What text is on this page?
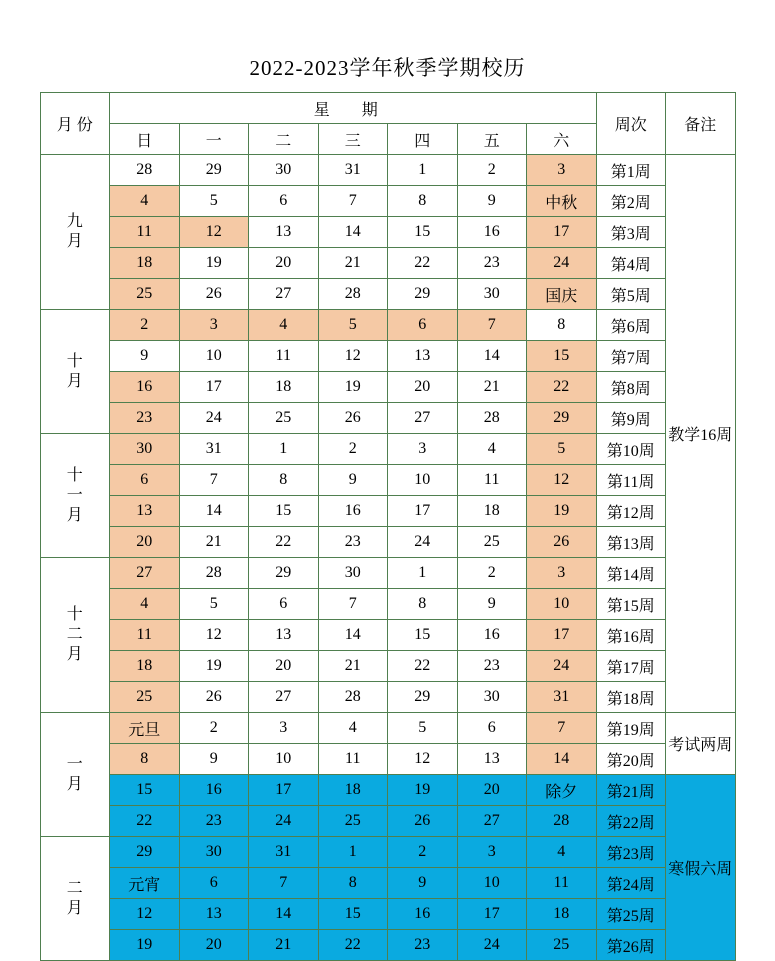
2022-2023学年秋季学期校历
月 份	星 期							周次	备注
	日	一	二	三	四	五	六		

九
月	28	29	30	31	1	2	3	第1周	教学16周
	4	5	6	7	8	9	中秋	第2周	
	11	12	13	14	15	16	17	第3周	
	18	19	20	21	22	23	24	第4周	
	25	26	27	28	29	30	国庆	第5周	

十
月	2	3	4	5	6	7	8	第6周	
	9	10	11	12	13	14	15	第7周	
	16	17	18	19	20	21	22	第8周	
	23	24	25	26	27	28	29	第9周	

十
一
月	30	31	1	2	3	4	5	第10周	
	6	7	8	9	10	11	12	第11周	
	13	14	15	16	17	18	19	第12周	
	20	21	22	23	24	25	26	第13周	

十
二
月	27	28	29	30	1	2	3	第14周	
	4	5	6	7	8	9	10	第15周	
	11	12	13	14	15	16	17	第16周	
	18	19	20	21	22	23	24	第17周	
	25	26	27	28	29	30	31	第18周	

一
月	元旦	2	3	4	5	6	7	第19周	考试两周
	8	9	10	11	12	13	14	第20周	
	15	16	17	18	19	20	除夕	第21周	寒假六周
	22	23	24	25	26	27	28	第22周	

二
月	29	30	31	1	2	3	4	第23周	
	元宵	6	7	8	9	10	11	第24周	
	12	13	14	15	16	17	18	第25周	
	19	20	21	22	23	24	25	第26周	
